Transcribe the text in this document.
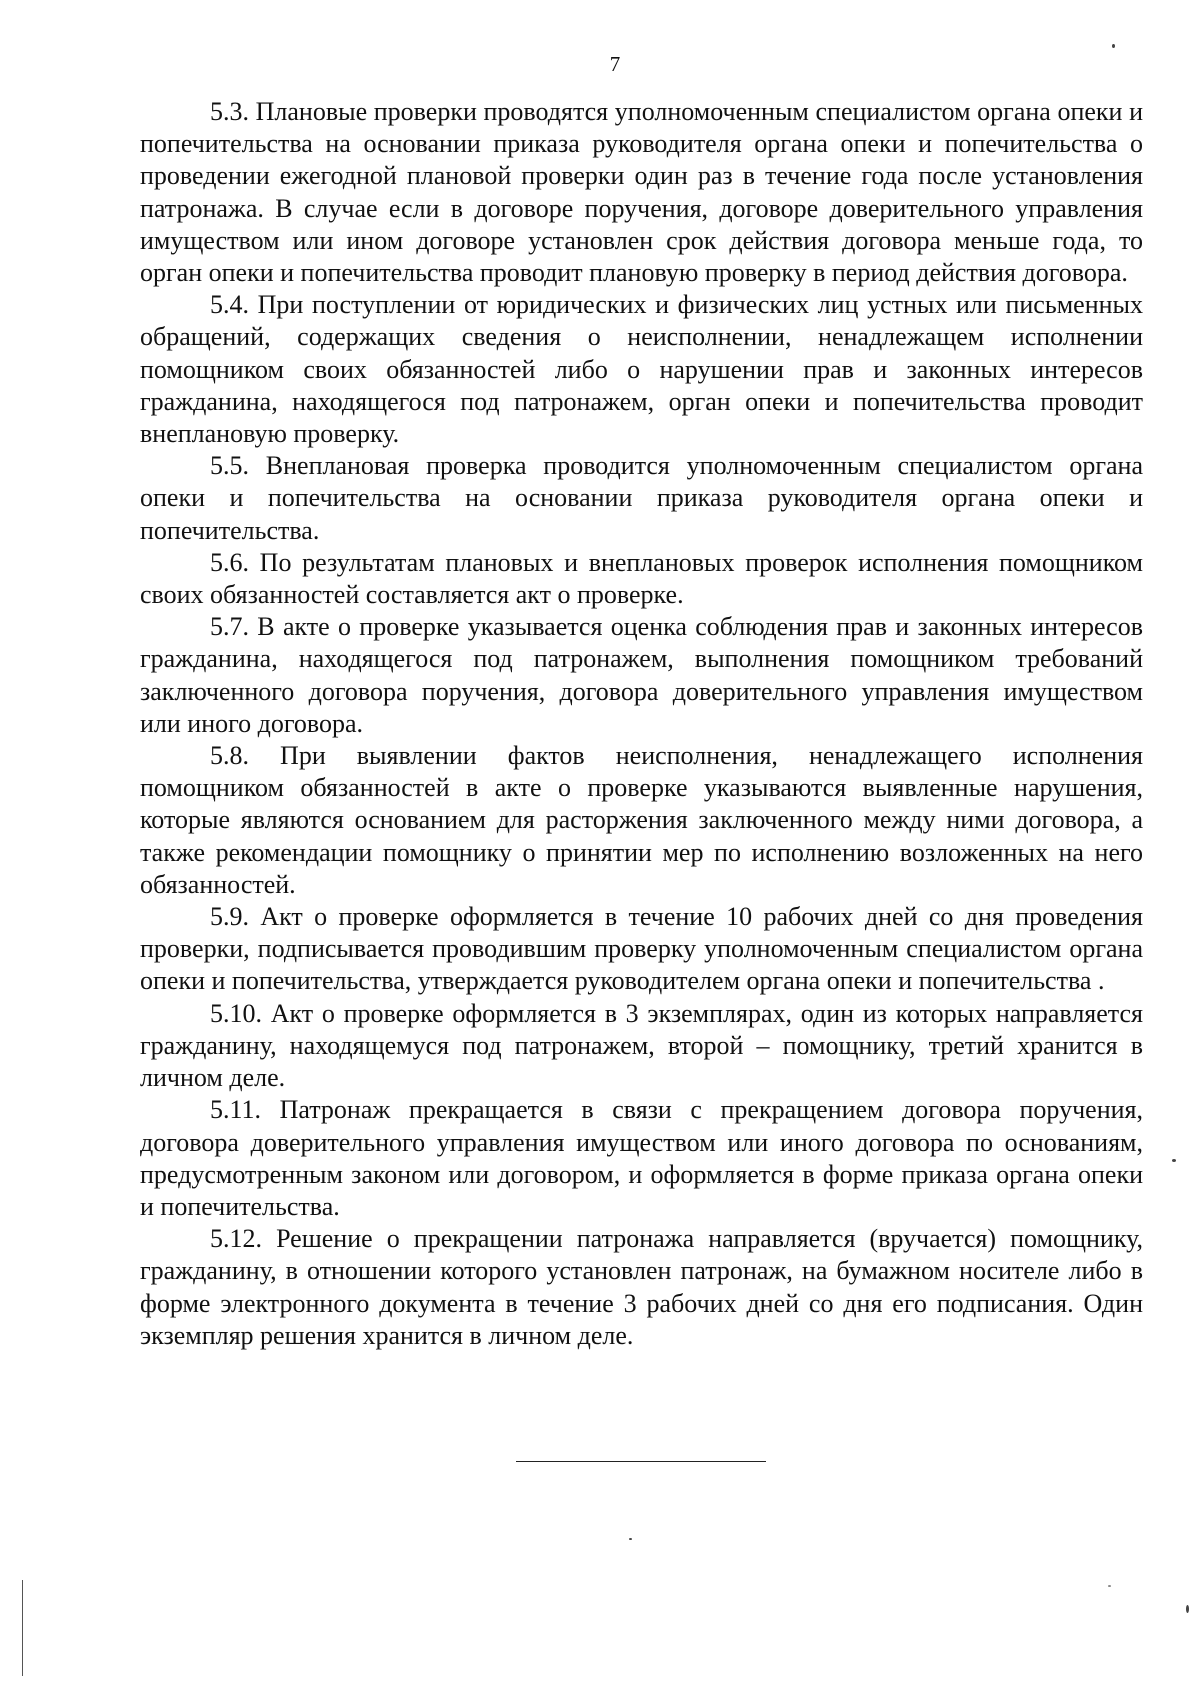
7

5.3. Плановые проверки проводятся уполномоченным специалистом органа опеки и попечительства на основании приказа руководителя органа опеки и попечительства о проведении ежегодной плановой проверки один раз в течение года после установления патронажа. В случае если в договоре поручения, договоре доверительного управления имуществом или ином договоре установлен срок действия договора меньше года, то орган опеки и попечительства проводит плановую проверку в период действия договора.

5.4. При поступлении от юридических и физических лиц устных или письменных обращений, содержащих сведения о неисполнении, ненадлежащем исполнении помощником своих обязанностей либо о нарушении прав и законных интересов гражданина, находящегося под патронажем, орган опеки и попечительства проводит внеплановую проверку.

5.5. Внеплановая проверка проводится уполномоченным специалистом органа опеки и попечительства на основании приказа руководителя органа опеки и попечительства.

5.6. По результатам плановых и внеплановых проверок исполнения помощником своих обязанностей составляется акт о проверке.

5.7. В акте о проверке указывается оценка соблюдения прав и законных интересов гражданина, находящегося под патронажем, выполнения помощником требований заключенного договора поручения, договора доверительного управления имуществом или иного договора.

5.8. При выявлении фактов неисполнения, ненадлежащего исполнения помощником обязанностей в акте о проверке указываются выявленные нарушения, которые являются основанием для расторжения заключенного между ними договора, а также рекомендации помощнику о принятии мер по исполнению возложенных на него обязанностей.

5.9. Акт о проверке оформляется в течение 10 рабочих дней со дня проведения проверки, подписывается проводившим проверку уполномоченным специалистом органа опеки и попечительства, утверждается руководителем органа опеки и попечительства .

5.10. Акт о проверке оформляется в 3 экземплярах, один из которых направляется гражданину, находящемуся под патронажем, второй – помощнику, третий хранится в личном деле.

5.11. Патронаж прекращается в связи с прекращением договора поручения, договора доверительного управления имуществом или иного договора по основаниям, предусмотренным законом или договором, и оформляется в форме приказа органа опеки и попечительства.

5.12. Решение о прекращении патронажа направляется (вручается) помощнику, гражданину, в отношении которого установлен патронаж, на бумажном носителе либо в форме электронного документа в течение 3 рабочих дней со дня его подписания. Один экземпляр решения хранится в личном деле.
